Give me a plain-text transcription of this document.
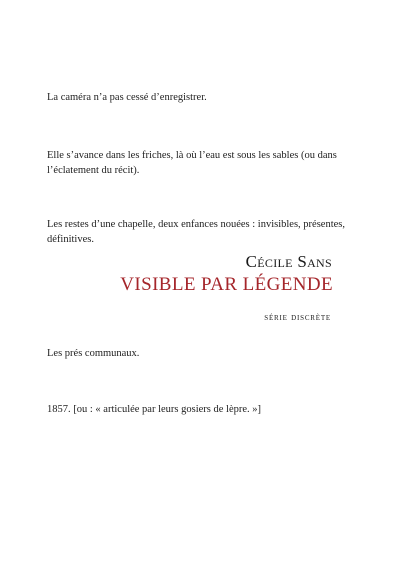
La caméra n’a pas cessé d’enregistrer.

Elle s’avance dans les friches, là où l’eau est sous les sables (ou dans l’éclatement du récit).

Les restes d’une chapelle, deux enfances nouées : invisibles, présentes, définitives.

Cécile Sans
VISIBLE PAR LÉGENDE
série discrète

Les prés communaux.

1857. [ou : « articulée par leurs gosiers de lèpre. »]
